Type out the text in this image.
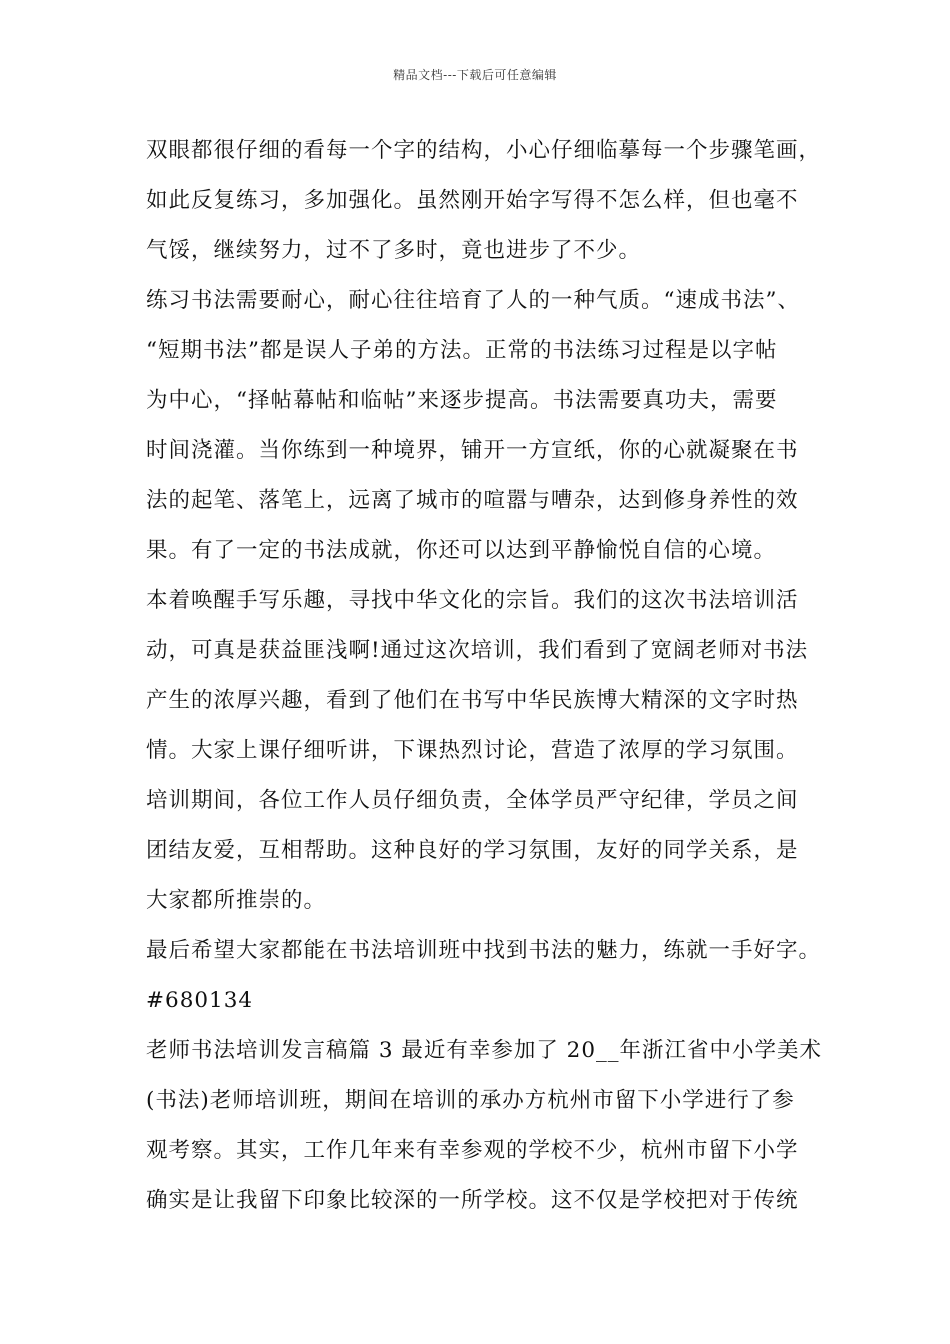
精品文档---下载后可任意编辑
双眼都很仔细的看每一个字的结构，小心仔细临摹每一个步骤笔画，
如此反复练习，多加强化。虽然刚开始字写得不怎么样，但也毫不
气馁，继续努力，过不了多时，竟也进步了不少。
练习书法需要耐心，耐心往往培育了人的一种气质。“速成书法”、
“短期书法”都是误人子弟的方法。正常的书法练习过程是以字帖
为中心，“择帖幕帖和临帖”来逐步提高。书法需要真功夫，需要
时间浇灌。当你练到一种境界，铺开一方宣纸，你的心就凝聚在书
法的起笔、落笔上，远离了城市的喧嚣与嘈杂，达到修身养性的效
果。有了一定的书法成就，你还可以达到平静愉悦自信的心境。
本着唤醒手写乐趣，寻找中华文化的宗旨。我们的这次书法培训活
动，可真是获益匪浅啊!通过这次培训，我们看到了宽阔老师对书法
产生的浓厚兴趣，看到了他们在书写中华民族博大精深的文字时热
情。大家上课仔细听讲，下课热烈讨论，营造了浓厚的学习氛围。
培训期间，各位工作人员仔细负责，全体学员严守纪律，学员之间
团结友爱，互相帮助。这种良好的学习氛围，友好的同学关系，是
大家都所推崇的。
最后希望大家都能在书法培训班中找到书法的魅力，练就一手好字。
#680134
老师书法培训发言稿篇 3 最近有幸参加了 20__年浙江省中小学美术
(书法)老师培训班，期间在培训的承办方杭州市留下小学进行了参
观考察。其实，工作几年来有幸参观的学校不少，杭州市留下小学
确实是让我留下印象比较深的一所学校。这不仅是学校把对于传统
